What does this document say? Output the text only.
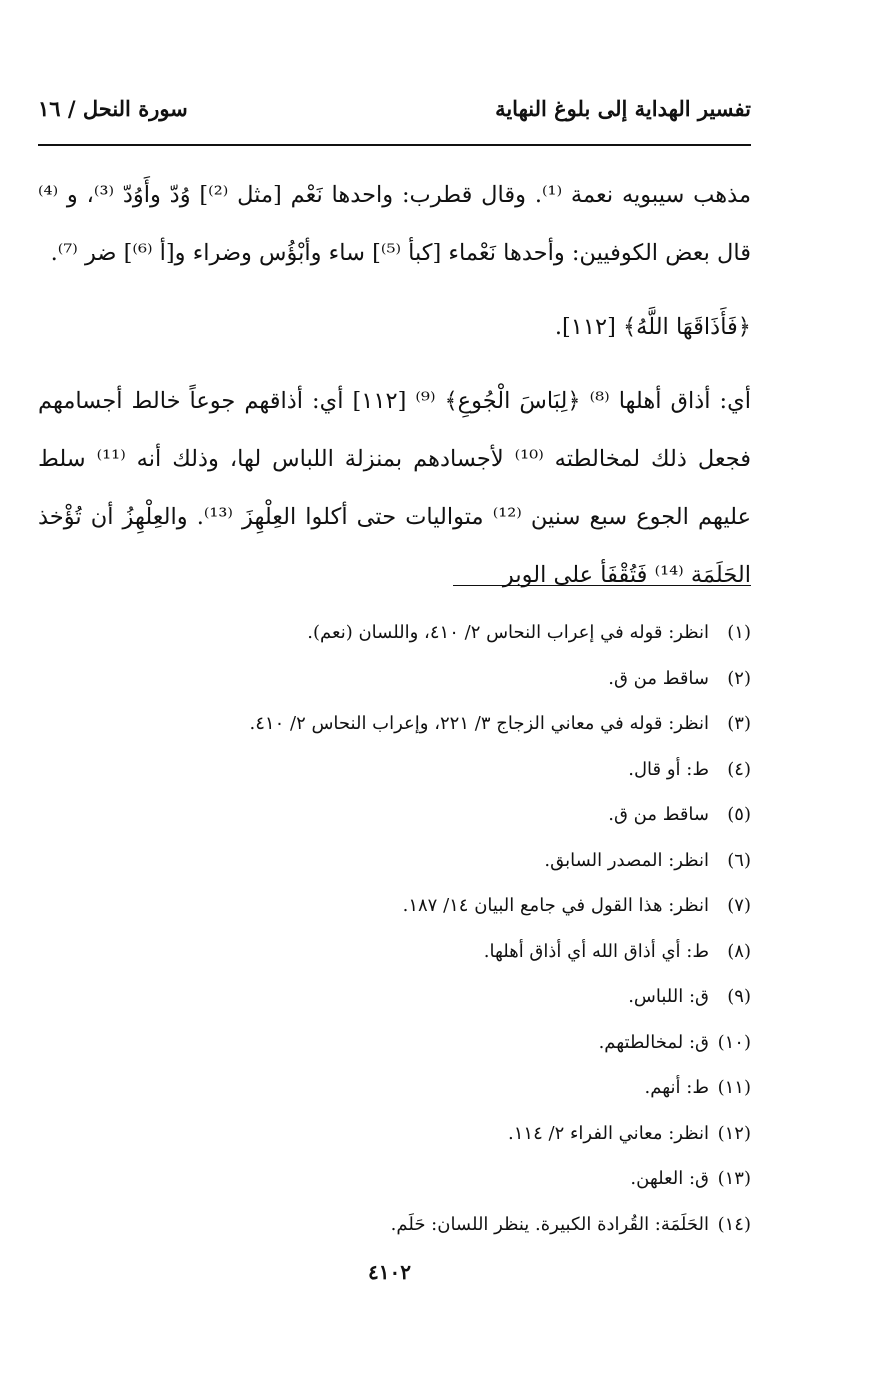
تفسير الهداية إلى بلوغ النهاية
سورة النحل / ١٦

مذهب سيبويه نعمة ⁽¹⁾. وقال قطرب: واحدها نَعْم [مثل ⁽²⁾] وُدّ وأَوُدّ ⁽³⁾، و ⁽⁴⁾ قال بعض الكوفيين: وأحدها نَعْماء [كبأ ⁽⁵⁾] ساء وأبْؤُس وضراء و[أ ⁽⁶⁾] ضر ⁽⁷⁾.

﴿فَأَذَاقَهَا اللَّهُ﴾ [١١٢].

أي: أذاق أهلها ⁽⁸⁾ ﴿لِبَاسَ الْجُوعِ﴾ ⁽⁹⁾ [١١٢] أي: أذاقهم جوعاً خالط أجسامهم فجعل ذلك لمخالطته ⁽¹⁰⁾ لأجسادهم بمنزلة اللباس لها، وذلك أنه ⁽¹¹⁾ سلط عليهم الجوع سبع سنين ⁽¹²⁾ متواليات حتى أكلوا العِلْهِزَ ⁽¹³⁾. والعِلْهِزُ أن تُؤْخذ الحَلَمَة ⁽¹⁴⁾ فَتُقْفَأ على الوبر

(١)انظر: قوله في إعراب النحاس ٢/ ٤١٠، واللسان (نعم).
(٢)ساقط من ق.
(٣)انظر: قوله في معاني الزجاج ٣/ ٢٢١، وإعراب النحاس ٢/ ٤١٠.
(٤)ط: أو قال.
(٥)ساقط من ق.
(٦)انظر: المصدر السابق.
(٧)انظر: هذا القول في جامع البيان ١٤/ ١٨٧.
(٨)ط: أي أذاق الله أي أذاق أهلها.
(٩)ق: اللباس.
(١٠)ق: لمخالطتهم.
(١١)ط: أنهم.
(١٢)انظر: معاني الفراء ٢/ ١١٤.
(١٣)ق: العلهن.
(١٤)الحَلَمَة: القُرادة الكبيرة. ينظر اللسان: حَلَم.
٤١٠٢
